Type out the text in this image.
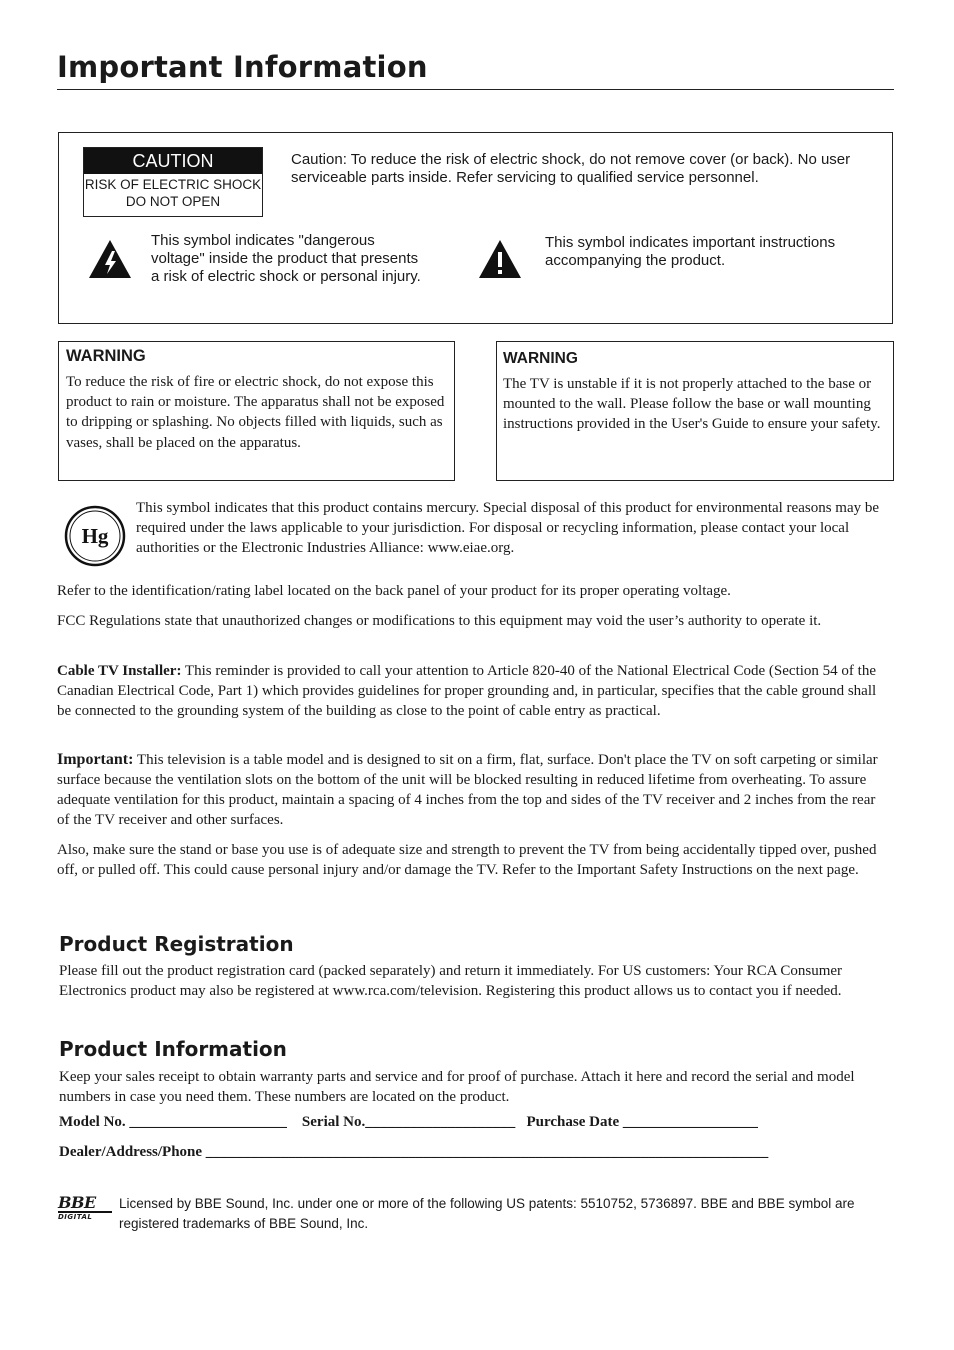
Important Information
CAUTION
RISK OF ELECTRIC SHOCK
DO NOT OPEN
Caution: To reduce the risk of electric shock, do not remove cover (or back). No user serviceable parts inside. Refer servicing to qualified service personnel.
This symbol indicates "dangerous voltage" inside the product that presents a risk of electric shock or personal injury.
This symbol indicates important instructions accompanying the product.
WARNING
To reduce the risk of fire or electric shock, do not expose this product to rain or moisture. The apparatus shall not be exposed to dripping or splashing. No objects filled with liquids, such as vases, shall be placed on the apparatus.
WARNING
The TV is unstable if it is not properly attached to the base or mounted to the wall. Please follow the base or wall mounting instructions provided in the User's Guide to ensure your safety.
Hg
This symbol indicates that this product contains mercury. Special disposal of this product for environmental reasons may be required under the laws applicable to your jurisdiction. For disposal or recycling information, please contact your local authorities or the Electronic Industries Alliance: www.eiae.org.

Refer to the identification/rating label located on the back panel of your product for its proper operating voltage.

FCC Regulations state that unauthorized changes or modifications to this equipment may void the user’s authority to operate it.

Cable TV Installer: This reminder is provided to call your attention to Article 820-40 of the National Electrical Code (Section 54 of the Canadian Electrical Code, Part 1) which provides guidelines for proper grounding and, in particular, specifies that the cable ground shall be connected to the grounding system of the building as close to the point of cable entry as practical.

Important: This television is a table model and is designed to sit on a firm, flat, surface. Don't place the TV on soft carpeting or similar surface because the ventilation slots on the bottom of the unit will be blocked resulting in reduced lifetime from overheating. To assure adequate ventilation for this product, maintain a spacing of 4 inches from the top and sides of the TV receiver and 2 inches from the rear of the TV receiver and other surfaces.

Also, make sure the stand or base you use is of adequate size and strength to prevent the TV from being accidentally tipped over, pushed off, or pulled off. This could cause personal injury and/or damage the TV. Refer to the Important Safety Instructions on the next page.

Product Registration

Please fill out the product registration card (packed separately) and return it immediately. For US customers: Your RCA Consumer Electronics product may also be registered at www.rca.com/television. Registering this product allows us to contact you if needed.

Product Information

Keep your sales receipt to obtain warranty parts and service and for proof of purchase. Attach it here and record the serial and model numbers in case you need them. These numbers are located on the product.

Model No. _____________________    Serial No.____________________   Purchase Date __________________
Dealer/Address/Phone ___________________________________________________________________________
BBE
DIGITAL
Licensed by BBE Sound, Inc. under one or more of the following US patents: 5510752, 5736897. BBE and BBE symbol are registered trademarks of BBE Sound, Inc.
